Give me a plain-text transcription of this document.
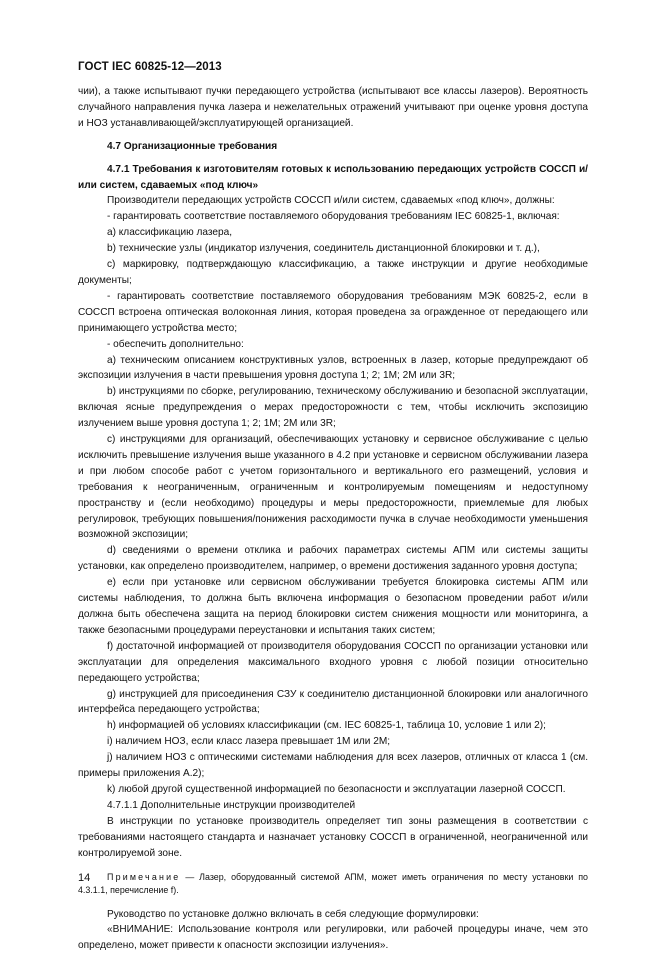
ГОСТ IEC 60825-12—2013

чии), а также испытывают пучки передающего устройства (испытывают все классы лазеров). Вероятность случайного направления пучка лазера и нежелательных отражений учитывают при оценке уровня доступа и НОЗ устанавливающей/эксплуатирующей организацией.

4.7 Организационные требования

4.7.1 Требования к изготовителям готовых к использованию передающих устройств СОССП и/или систем, сдаваемых «под ключ»

Производители передающих устройств СОССП и/или систем, сдаваемых «под ключ», должны:

- гарантировать соответствие поставляемого оборудования требованиям IEC 60825-1, включая:

a) классификацию лазера,

b) технические узлы (индикатор излучения, соединитель дистанционной блокировки и т. д.),

c) маркировку, подтверждающую классификацию, а также инструкции и другие необходимые документы;

- гарантировать соответствие поставляемого оборудования требованиям МЭК 60825-2, если в СОССП встроена оптическая волоконная линия, которая проведена за огражденное от передающего или принимающего устройства место;

- обеспечить дополнительно:

a) техническим описанием конструктивных узлов, встроенных в лазер, которые предупреждают об экспозиции излучения в части превышения уровня доступа 1; 2; 1M; 2M или 3R;

b) инструкциями по сборке, регулированию, техническому обслуживанию и безопасной эксплуатации, включая ясные предупреждения о мерах предосторожности с тем, чтобы исключить экспозицию излучением выше уровня доступа 1; 2; 1M; 2M или 3R;

c) инструкциями для организаций, обеспечивающих установку и сервисное обслуживание с целью исключить превышение излучения выше указанного в 4.2 при установке и сервисном обслуживании лазера и при любом способе работ с учетом горизонтального и вертикального его размещений, условия и требования к неограниченным, ограниченным и контролируемым помещениям и недоступному пространству и (если необходимо) процедуры и меры предосторожности, приемлемые для любых регулировок, требующих повышения/понижения расходимости пучка в случае необходимости уменьшения возможной экспозиции;

d) сведениями о времени отклика и рабочих параметрах системы АПМ или системы защиты установки, как определено производителем, например, о времени достижения заданного уровня доступа;

e) если при установке или сервисном обслуживании требуется блокировка системы АПМ или системы наблюдения, то должна быть включена информация о безопасном проведении работ и/или должна быть обеспечена защита на период блокировки систем снижения мощности или мониторинга, а также безопасными процедурами переустановки и испытания таких систем;

f) достаточной информацией от производителя оборудования СОССП по организации установки или эксплуатации для определения максимального входного уровня с любой позиции относительно передающего устройства;

g) инструкцией для присоединения СЗУ к соединителю дистанционной блокировки или аналогичного интерфейса передающего устройства;

h) информацией об условиях классификации (см. IEC 60825-1, таблица 10, условие 1 или 2);

i) наличием НОЗ, если класс лазера превышает 1M или 2M;

j) наличием НОЗ с оптическими системами наблюдения для всех лазеров, отличных от класса 1 (см. примеры приложения А.2);

k) любой другой существенной информацией по безопасности и эксплуатации лазерной СОССП.

4.7.1.1 Дополнительные инструкции производителей

В инструкции по установке производитель определяет тип зоны размещения в соответствии с требованиями настоящего стандарта и назначает установку СОССП в ограниченной, неограниченной или контролируемой зоне.

Примечание — Лазер, оборудованный системой АПМ, может иметь ограничения по месту установки по 4.3.1.1, перечисление f).

Руководство по установке должно включать в себя следующие формулировки:

«ВНИМАНИЕ: Использование контроля или регулировки, или рабочей процедуры иначе, чем это определено, может привести к опасности экспозиции излучения».

14
